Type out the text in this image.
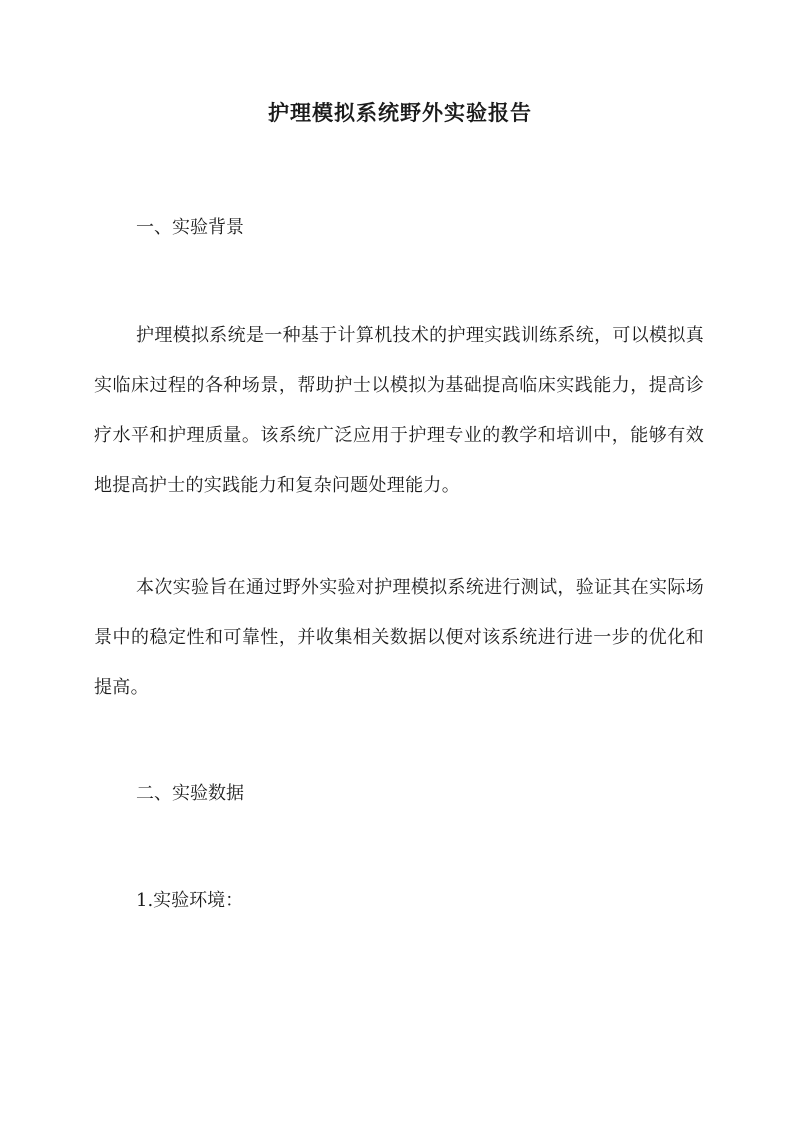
护理模拟系统野外实验报告
一、实验背景
护理模拟系统是一种基于计算机技术的护理实践训练系统，可以模拟真实临床过程的各种场景，帮助护士以模拟为基础提高临床实践能力，提高诊疗水平和护理质量。该系统广泛应用于护理专业的教学和培训中，能够有效地提高护士的实践能力和复杂问题处理能力。
本次实验旨在通过野外实验对护理模拟系统进行测试，验证其在实际场景中的稳定性和可靠性，并收集相关数据以便对该系统进行进一步的优化和提高。
二、实验数据
1.实验环境：
